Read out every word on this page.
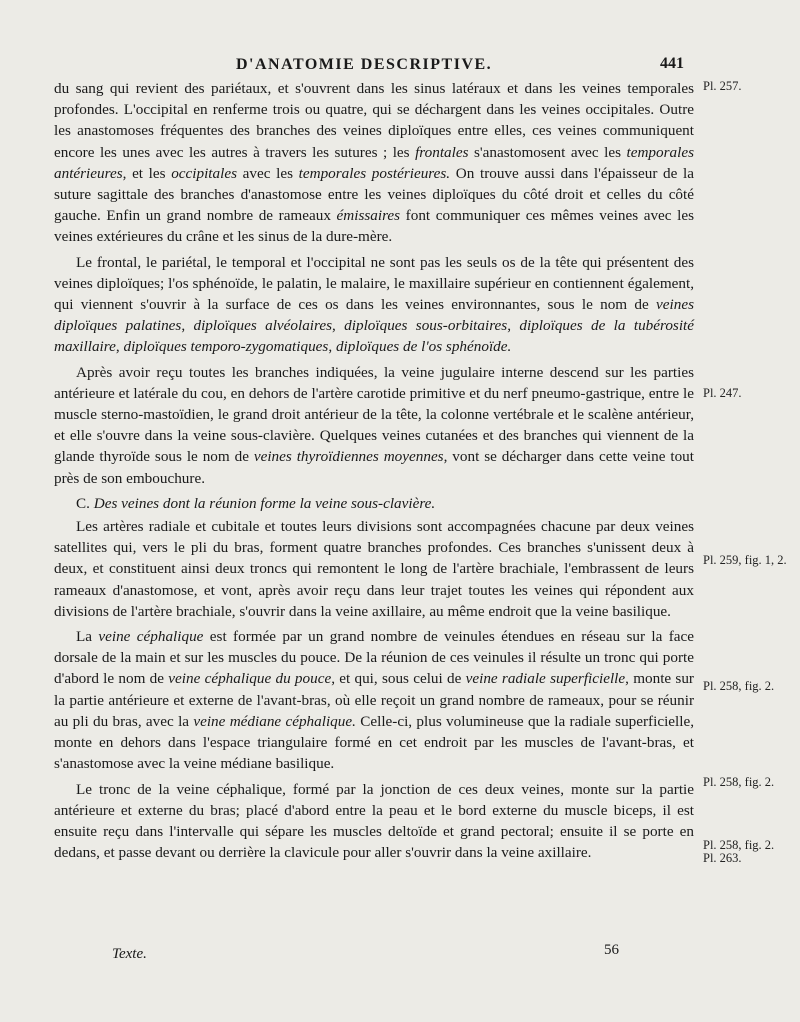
D'ANATOMIE DESCRIPTIVE.	441

du sang qui revient des pariétaux, et s'ouvrent dans les sinus latéraux et dans les veines temporales profondes. L'occipital en renferme trois ou quatre, qui se déchargent dans les veines occipitales. Outre les anastomoses fréquentes des branches des veines diploïques entre elles, ces veines communiquent encore les unes avec les autres à travers les sutures ; les frontales s'anastomosent avec les temporales antérieures, et les occipitales avec les temporales postérieures. On trouve aussi dans l'épaisseur de la suture sagittale des branches d'anastomose entre les veines diploïques du côté droit et celles du côté gauche. Enfin un grand nombre de rameaux émissaires font communiquer ces mêmes veines avec les veines extérieures du crâne et les sinus de la dure-mère.

Le frontal, le pariétal, le temporal et l'occipital ne sont pas les seuls os de la tête qui présentent des veines diploïques; l'os sphénoïde, le palatin, le malaire, le maxillaire supérieur en contiennent également, qui viennent s'ouvrir à la surface de ces os dans les veines environnantes, sous le nom de veines diploïques palatines, diploïques alvéolaires, diploïques sous-orbitaires, diploïques de la tubérosité maxillaire, diploïques temporo-zygomatiques, diploïques de l'os sphénoïde.

Après avoir reçu toutes les branches indiquées, la veine jugulaire interne descend sur les parties antérieure et latérale du cou, en dehors de l'artère carotide primitive et du nerf pneumo-gastrique, entre le muscle sterno-mastoïdien, le grand droit antérieur de la tête, la colonne vertébrale et le scalène antérieur, et elle s'ouvre dans la veine sous-clavière. Quelques veines cutanées et des branches qui viennent de la glande thyroïde sous le nom de veines thyroïdiennes moyennes, vont se décharger dans cette veine tout près de son embouchure.

C. Des veines dont la réunion forme la veine sous-clavière.

Les artères radiale et cubitale et toutes leurs divisions sont accompagnées chacune par deux veines satellites qui, vers le pli du bras, forment quatre branches profondes. Ces branches s'unissent deux à deux, et constituent ainsi deux troncs qui remontent le long de l'artère brachiale, l'embrassent de leurs rameaux d'anastomose, et vont, après avoir reçu dans leur trajet toutes les veines qui répondent aux divisions de l'artère brachiale, s'ouvrir dans la veine axillaire, au même endroit que la veine basilique.

La veine céphalique est formée par un grand nombre de veinules étendues en réseau sur la face dorsale de la main et sur les muscles du pouce. De la réunion de ces veinules il résulte un tronc qui porte d'abord le nom de veine céphalique du pouce, et qui, sous celui de veine radiale superficielle, monte sur la partie antérieure et externe de l'avant-bras, où elle reçoit un grand nombre de rameaux, pour se réunir au pli du bras, avec la veine médiane céphalique. Celle-ci, plus volumineuse que la radiale superficielle, monte en dehors dans l'espace triangulaire formé en cet endroit par les muscles de l'avant-bras, et s'anastomose avec la veine médiane basilique.

Le tronc de la veine céphalique, formé par la jonction de ces deux veines, monte sur la partie antérieure et externe du bras; placé d'abord entre la peau et le bord externe du muscle biceps, il est ensuite reçu dans l'intervalle qui sépare les muscles deltoïde et grand pectoral; ensuite il se porte en dedans, et passe devant ou derrière la clavicule pour aller s'ouvrir dans la veine axillaire.

Pl. 257.
Pl. 247.
Pl. 259, fig. 1, 2.
Pl. 258, fig. 2.
Pl. 258, fig. 2.
Pl. 258, fig. 2.
Pl. 263.
Texte.	56
